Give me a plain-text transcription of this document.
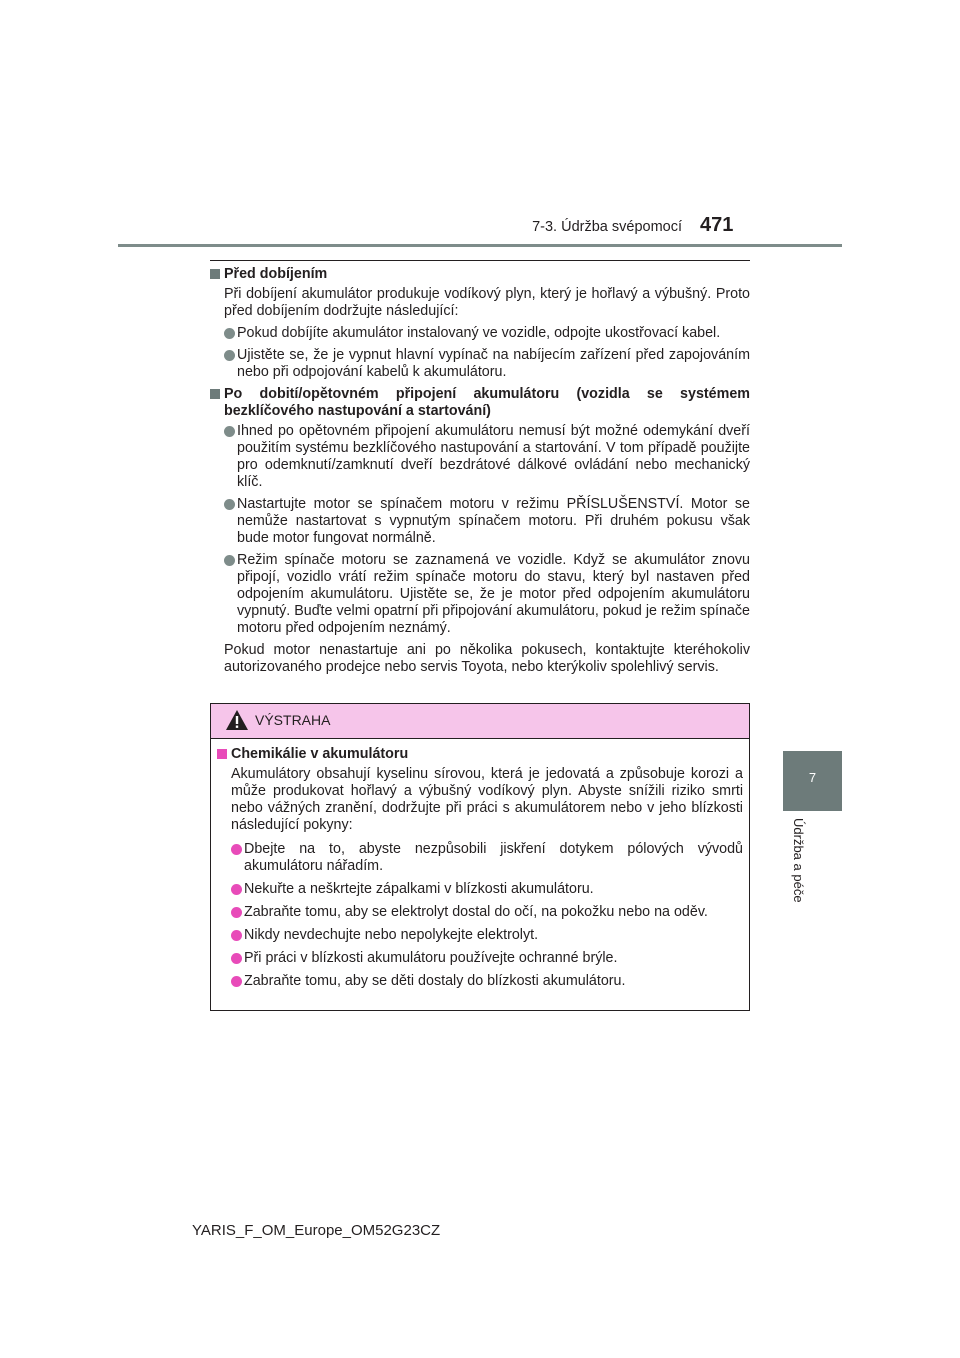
7-3. Údržba svépomocí 471
7
Údržba a péče
Před dobíjením
Při dobíjení akumulátor produkuje vodíkový plyn, který je hořlavý a výbušný. Proto před dobíjením dodržujte následující:
Pokud dobíjíte akumulátor instalovaný ve vozidle, odpojte ukostřovací kabel.
Ujistěte se, že je vypnut hlavní vypínač na nabíjecím zařízení před zapojováním nebo při odpojování kabelů k akumulátoru.
Po dobití/opětovném připojení akumulátoru (vozidla se systémem bezklíčového nastupování a startování)
Ihned po opětovném připojení akumulátoru nemusí být možné odemykání dveří použitím systému bezklíčového nastupování a startování. V tom případě použijte pro odemknutí/zamknutí dveří bezdrátové dálkové ovládání nebo mechanický klíč.
Nastartujte motor se spínačem motoru v režimu PŘÍSLUŠENSTVÍ. Motor se nemůže nastartovat s vypnutým spínačem motoru. Při druhém pokusu však bude motor fungovat normálně.
Režim spínače motoru se zaznamená ve vozidle. Když se akumulátor znovu připojí, vozidlo vrátí režim spínače motoru do stavu, který byl nastaven před odpojením akumulátoru. Ujistěte se, že je motor před odpojením akumulátoru vypnutý. Buďte velmi opatrní při připojování akumulátoru, pokud je režim spínače motoru před odpojením neznámý.
Pokud motor nenastartuje ani po několika pokusech, kontaktujte kteréhokoliv autorizovaného prodejce nebo servis Toyota, nebo kterýkoliv spolehlivý servis.
VÝSTRAHA
Chemikálie v akumulátoru
Akumulátory obsahují kyselinu sírovou, která je jedovatá a způsobuje korozi a může produkovat hořlavý a výbušný vodíkový plyn. Abyste snížili riziko smrti nebo vážných zranění, dodržujte při práci s akumulátorem nebo v jeho blízkosti následující pokyny:
Dbejte na to, abyste nezpůsobili jiskření dotykem pólových vývodů akumulátoru nářadím.
Nekuřte a neškrtejte zápalkami v blízkosti akumulátoru.
Zabraňte tomu, aby se elektrolyt dostal do očí, na pokožku nebo na oděv.
Nikdy nevdechujte nebo nepolykejte elektrolyt.
Při práci v blízkosti akumulátoru používejte ochranné brýle.
Zabraňte tomu, aby se děti dostaly do blízkosti akumulátoru.
YARIS_F_OM_Europe_OM52G23CZ
